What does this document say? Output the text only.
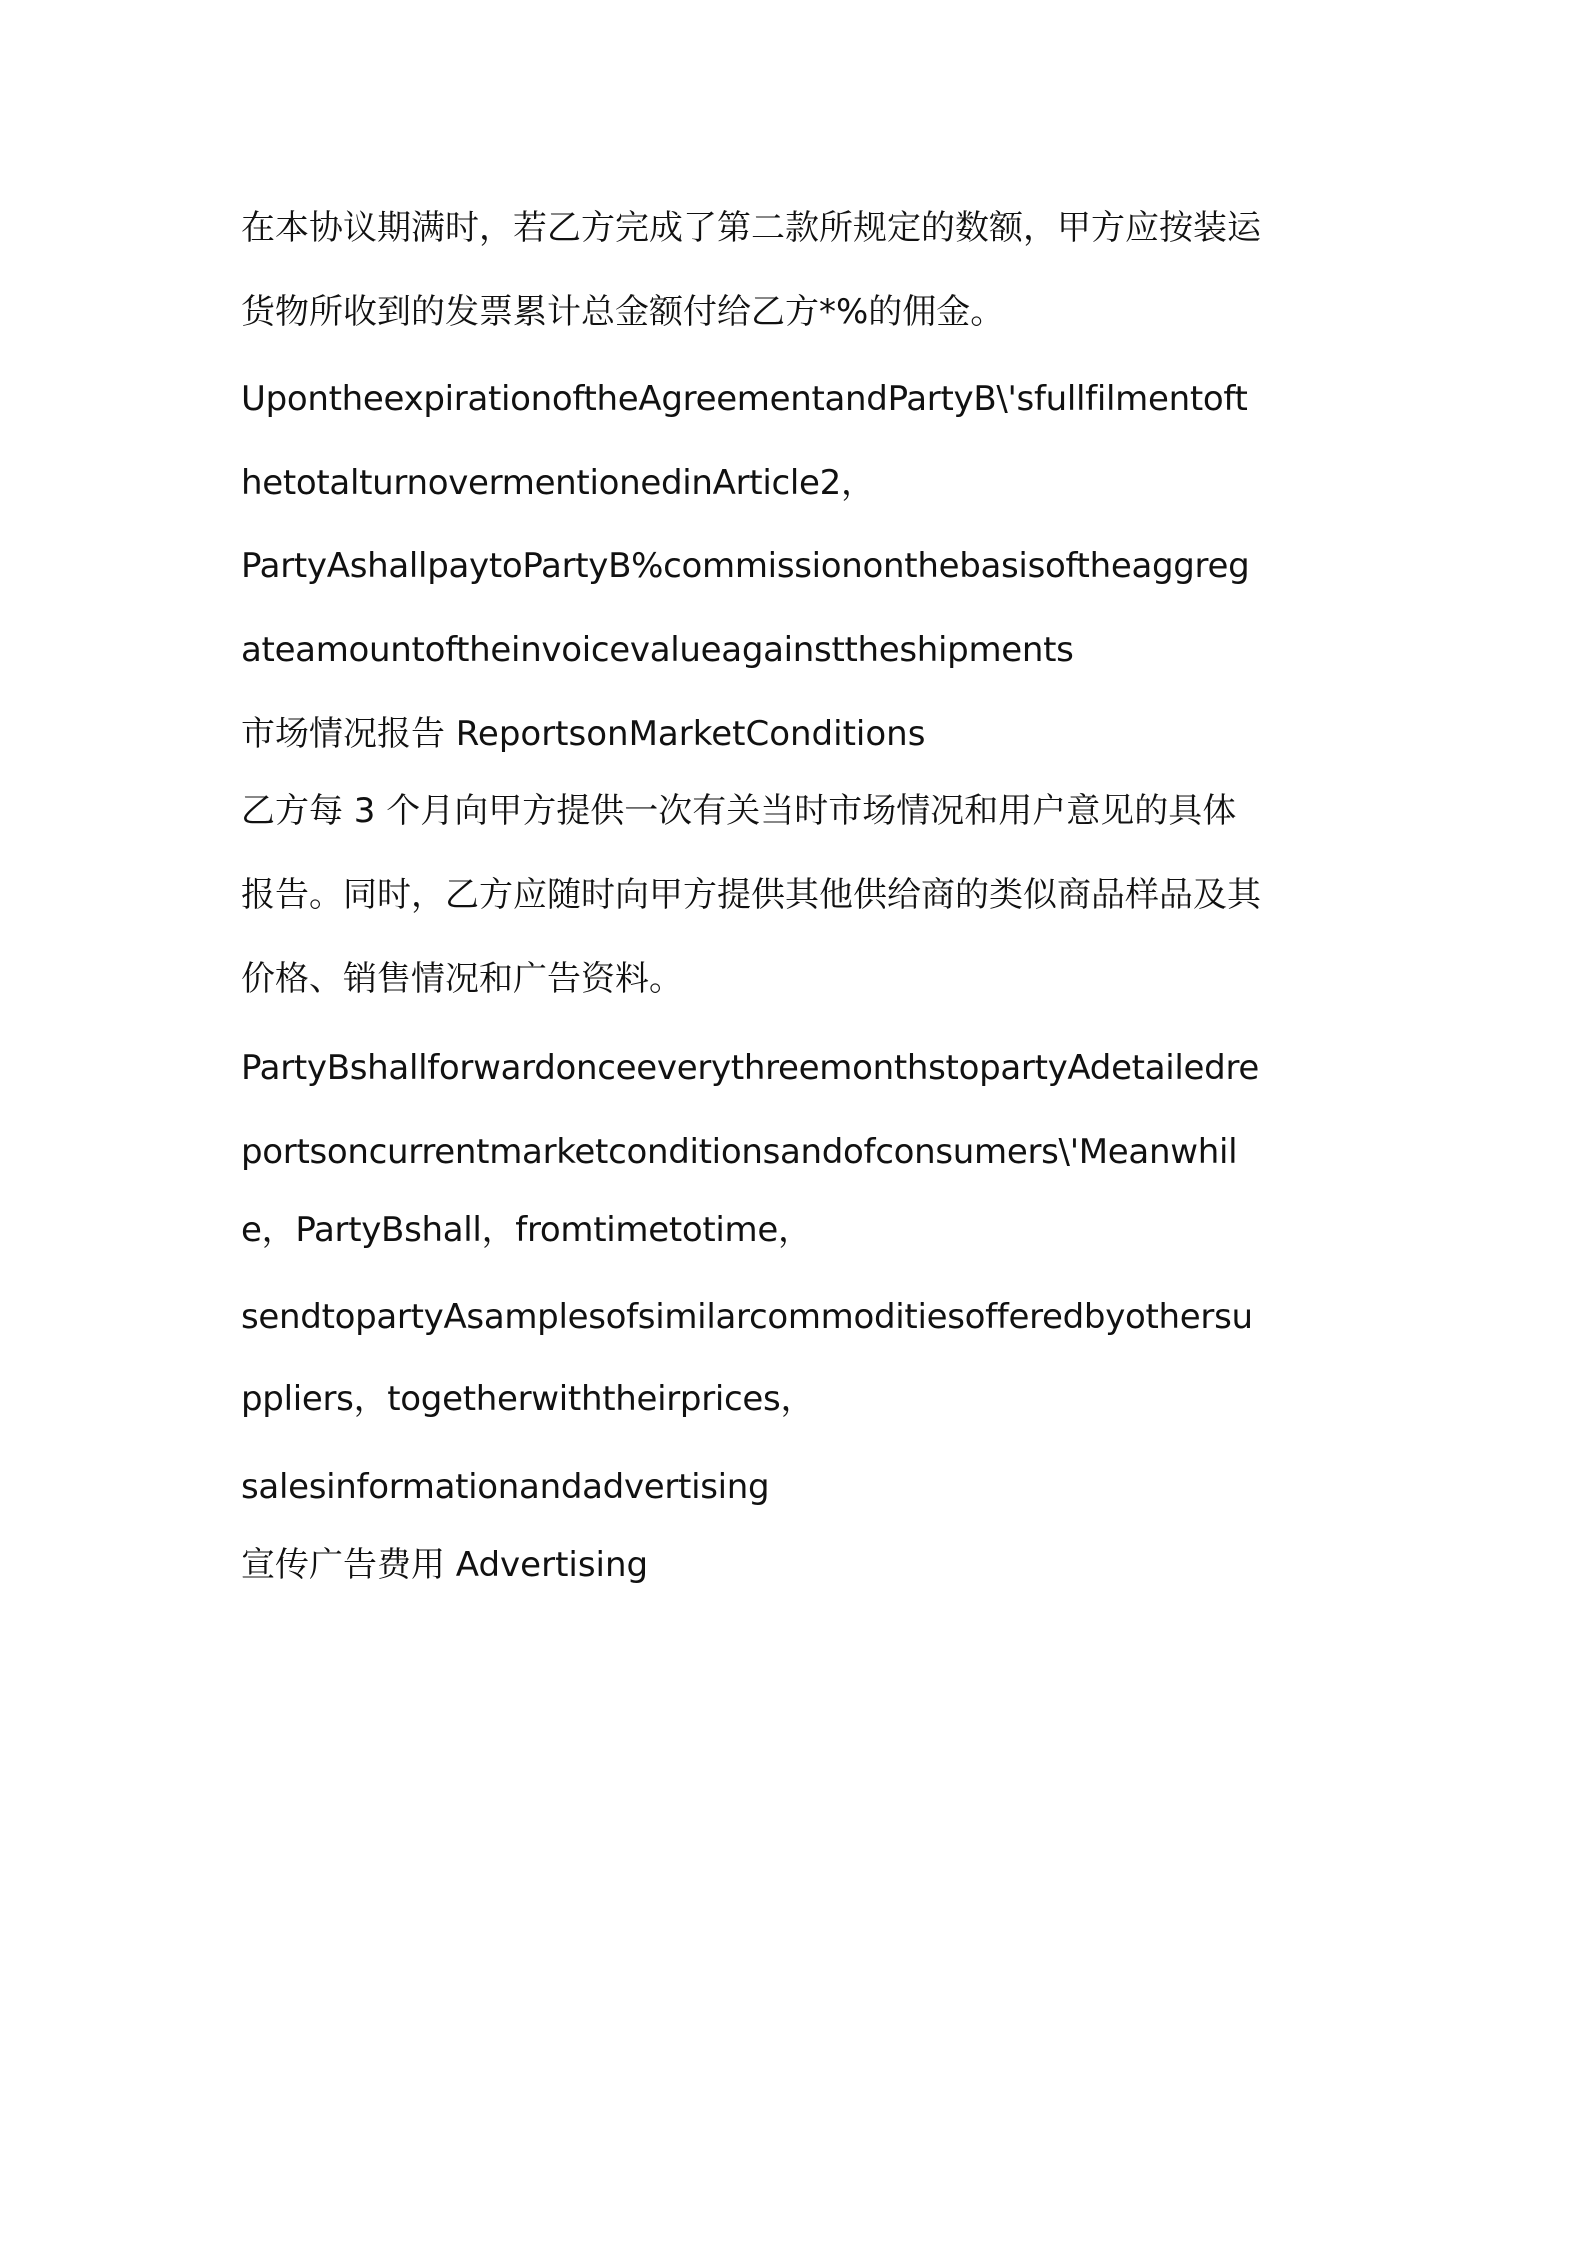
在本协议期满时，若乙方完成了第二款所规定的数额，甲方应按装运
货物所收到的发票累计总金额付给乙方*%的佣金。
UpontheexpirationoftheAgreementandPartyB\'sfullfilmentoft
hetotalturnovermentionedinArticle2，
PartyAshallpaytoPartyB%commissiononthebasisoftheaggreg
ateamountoftheinvoicevalueagainsttheshipments
市场情况报告 ReportsonMarketConditions
乙方每 3 个月向甲方提供一次有关当时市场情况和用户意见的具体
报告。同时，乙方应随时向甲方提供其他供给商的类似商品样品及其
价格、销售情况和广告资料。
PartyBshallforwardonceeverythreemonthstopartyAdetailedre
portsoncurrentmarketconditionsandofconsumers\'Meanwhil
e，PartyBshall，fromtimetotime，
sendtopartyAsamplesofsimilarcommoditiesofferedbyothersu
ppliers，togetherwiththeirprices，
salesinformationandadvertising
宣传广告费用 Advertising
